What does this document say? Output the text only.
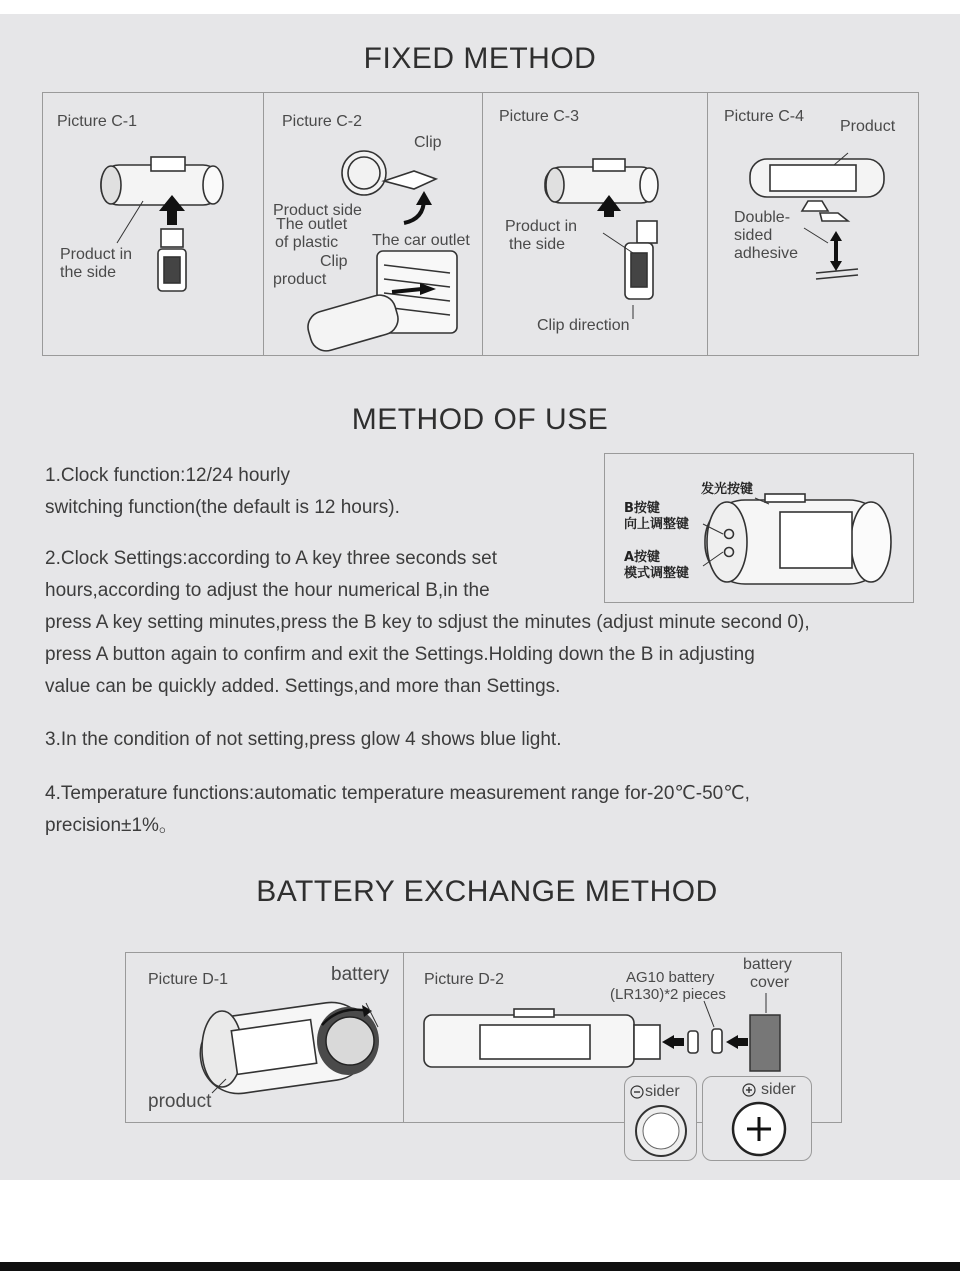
FIXED METHOD
Picture C-1
Product in
the side
Picture C-2
Clip
Product side
The outlet
of plastic The car outlet
Clip
product
Picture C-3
Product in
the side
Clip direction
Picture C-4
Product
Double-
sided
adhesive
METHOD OF USE
1.Clock function:12/24 hourly
switching function(the default is 12 hours).
2.Clock Settings:according to A key three seconds set
hours,according to adjust the hour numerical B,in the
press A key setting minutes,press the B key to sdjust the minutes (adjust minute second 0),
press A button again to confirm and exit the Settings.Holding down the B in adjusting
value can be quickly added. Settings,and more than Settings.
3.In the condition of not setting,press glow 4 shows blue light.
4.Temperature functions:automatic temperature measurement range for-20℃-50℃,
precision±1%。
发光按键
B按键
向上调整键
A按键
模式调整键
BATTERY EXCHANGE METHOD
Picture D-1	battery
product
Picture D-2	AG10 battery
(LR130)*2 pieces
battery
cover
sider	sider
